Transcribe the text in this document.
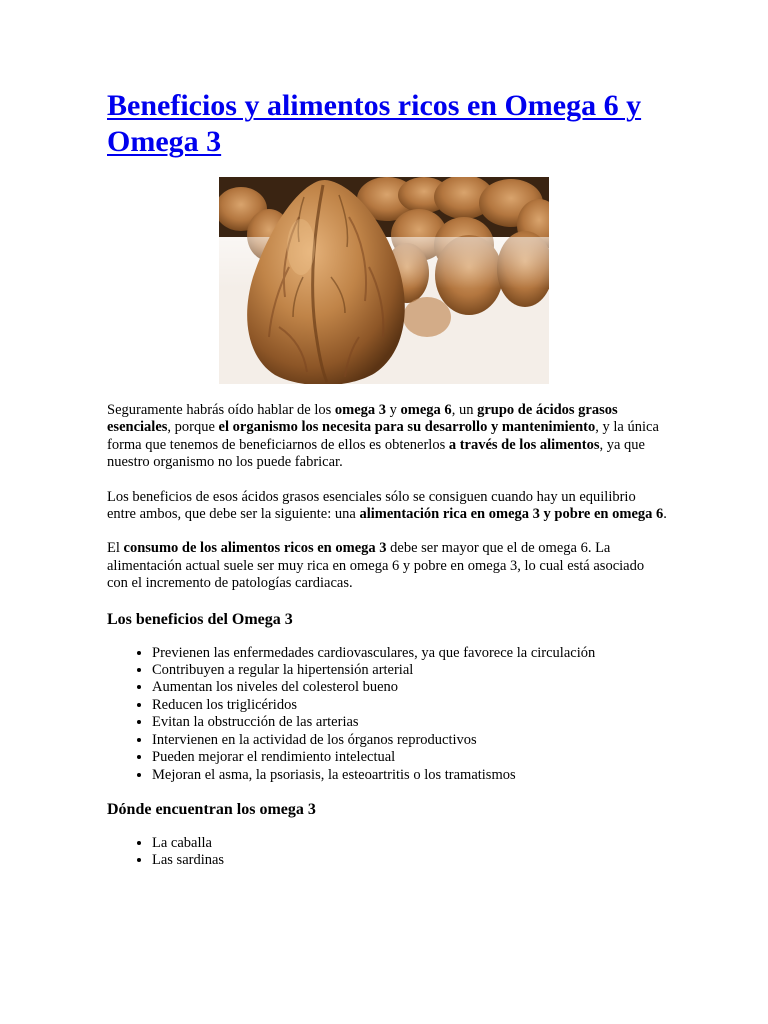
Beneficios y alimentos ricos en Omega 6 y Omega 3

Seguramente habrás oído hablar de los omega 3 y omega 6, un grupo de ácidos grasos esenciales, porque el organismo los necesita para su desarrollo y mantenimiento, y la única forma que tenemos de beneficiarnos de ellos es obtenerlos a través de los alimentos, ya que nuestro organismo no los puede fabricar.

Los beneficios de esos ácidos grasos esenciales sólo se consiguen cuando hay un equilibrio entre ambos, que debe ser la siguiente: una alimentación rica en omega 3 y pobre en omega 6.

El consumo de los alimentos ricos en omega 3 debe ser mayor que el de omega 6. La alimentación actual suele ser muy rica en omega 6 y pobre en omega 3, lo cual está asociado con el incremento de patologías cardiacas.

Los beneficios del Omega 3
• Previenen las enfermedades cardiovasculares, ya que favorece la circulación
• Contribuyen a regular la hipertensión arterial
• Aumentan los niveles del colesterol bueno
• Reducen los triglicéridos
• Evitan la obstrucción de las arterias
• Intervienen en la actividad de los órganos reproductivos
• Pueden mejorar el rendimiento intelectual
• Mejoran el asma, la psoriasis, la esteoartritis o los tramatismos
Dónde encuentran los omega 3
• La caballa
• Las sardinas
